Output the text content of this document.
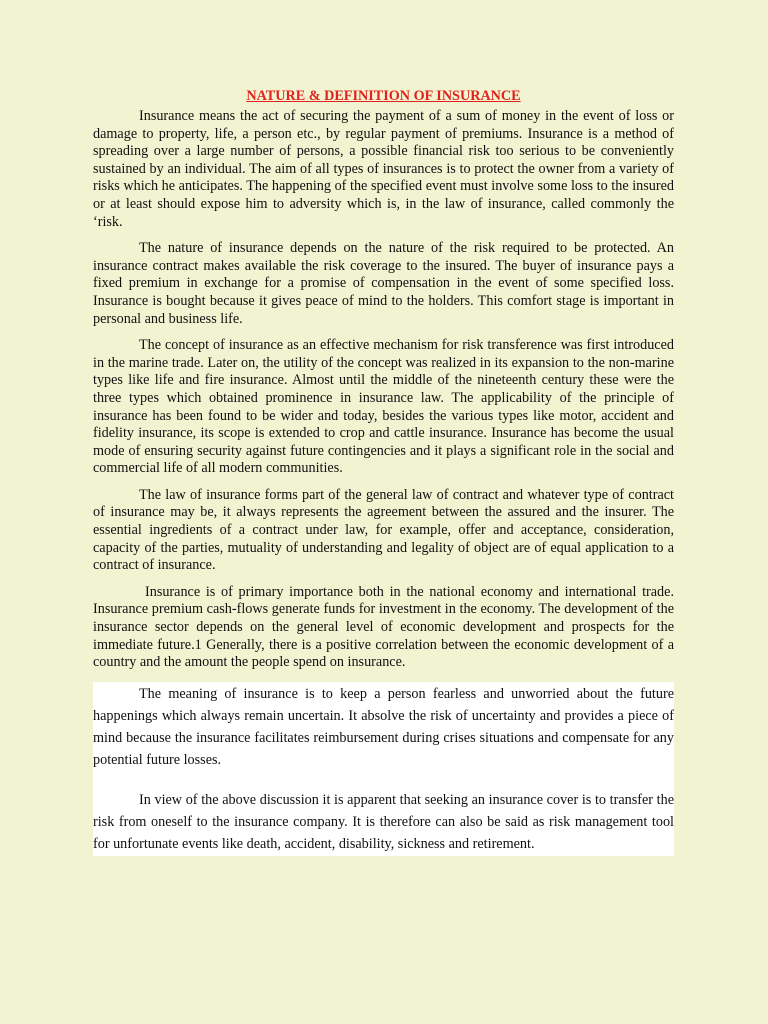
NATURE & DEFINITION OF INSURANCE

Insurance means the act of securing the payment of a sum of money in the event of loss or damage to property, life, a person etc., by regular payment of premiums. Insurance is a method of spreading over a large number of persons, a possible financial risk too serious to be conveniently sustained by an individual. The aim of all types of insurances is to protect the owner from a variety of risks which he anticipates. The happening of the specified event must involve some loss to the insured or at least should expose him to adversity which is, in the law of insurance, called commonly the ‘risk.

The nature of insurance depends on the nature of the risk required to be protected. An insurance contract makes available the risk coverage to the insured. The buyer of insurance pays a fixed premium in exchange for a promise of compensation in the event of some specified loss. Insurance is bought because it gives peace of mind to the holders. This comfort stage is important in personal and business life.

The concept of insurance as an effective mechanism for risk transference was first introduced in the marine trade. Later on, the utility of the concept was realized in its expansion to the non-marine types like life and fire insurance. Almost until the middle of the nineteenth century these were the three types which obtained prominence in insurance law. The applicability of the principle of insurance has been found to be wider and today, besides the various types like motor, accident and fidelity insurance, its scope is extended to crop and cattle insurance. Insurance has become the usual mode of ensuring security against future contingencies and it plays a significant role in the social and commercial life of all modern communities.

The law of insurance forms part of the general law of contract and whatever type of contract of insurance may be, it always represents the agreement between the assured and the insurer. The essential ingredients of a contract under law, for example, offer and acceptance, consideration, capacity of the parties, mutuality of understanding and legality of object are of equal application to a contract of insurance.

Insurance is of primary importance both in the national economy and international trade. Insurance premium cash-flows generate funds for investment in the economy. The development of the insurance sector depends on the general level of economic development and prospects for the immediate future.1 Generally, there is a positive correlation between the economic development of a country and the amount the people spend on insurance.

The meaning of insurance is to keep a person fearless and unworried about the future happenings which always remain uncertain. It absolve the risk of uncertainty and provides a piece of mind because the insurance facilitates reimbursement during crises situations and compensate for any potential future losses.

In view of the above discussion it is apparent that seeking an insurance cover is to transfer the risk from oneself to the insurance company. It is therefore can also be said as risk management tool for unfortunate events like death, accident, disability, sickness and retirement.
